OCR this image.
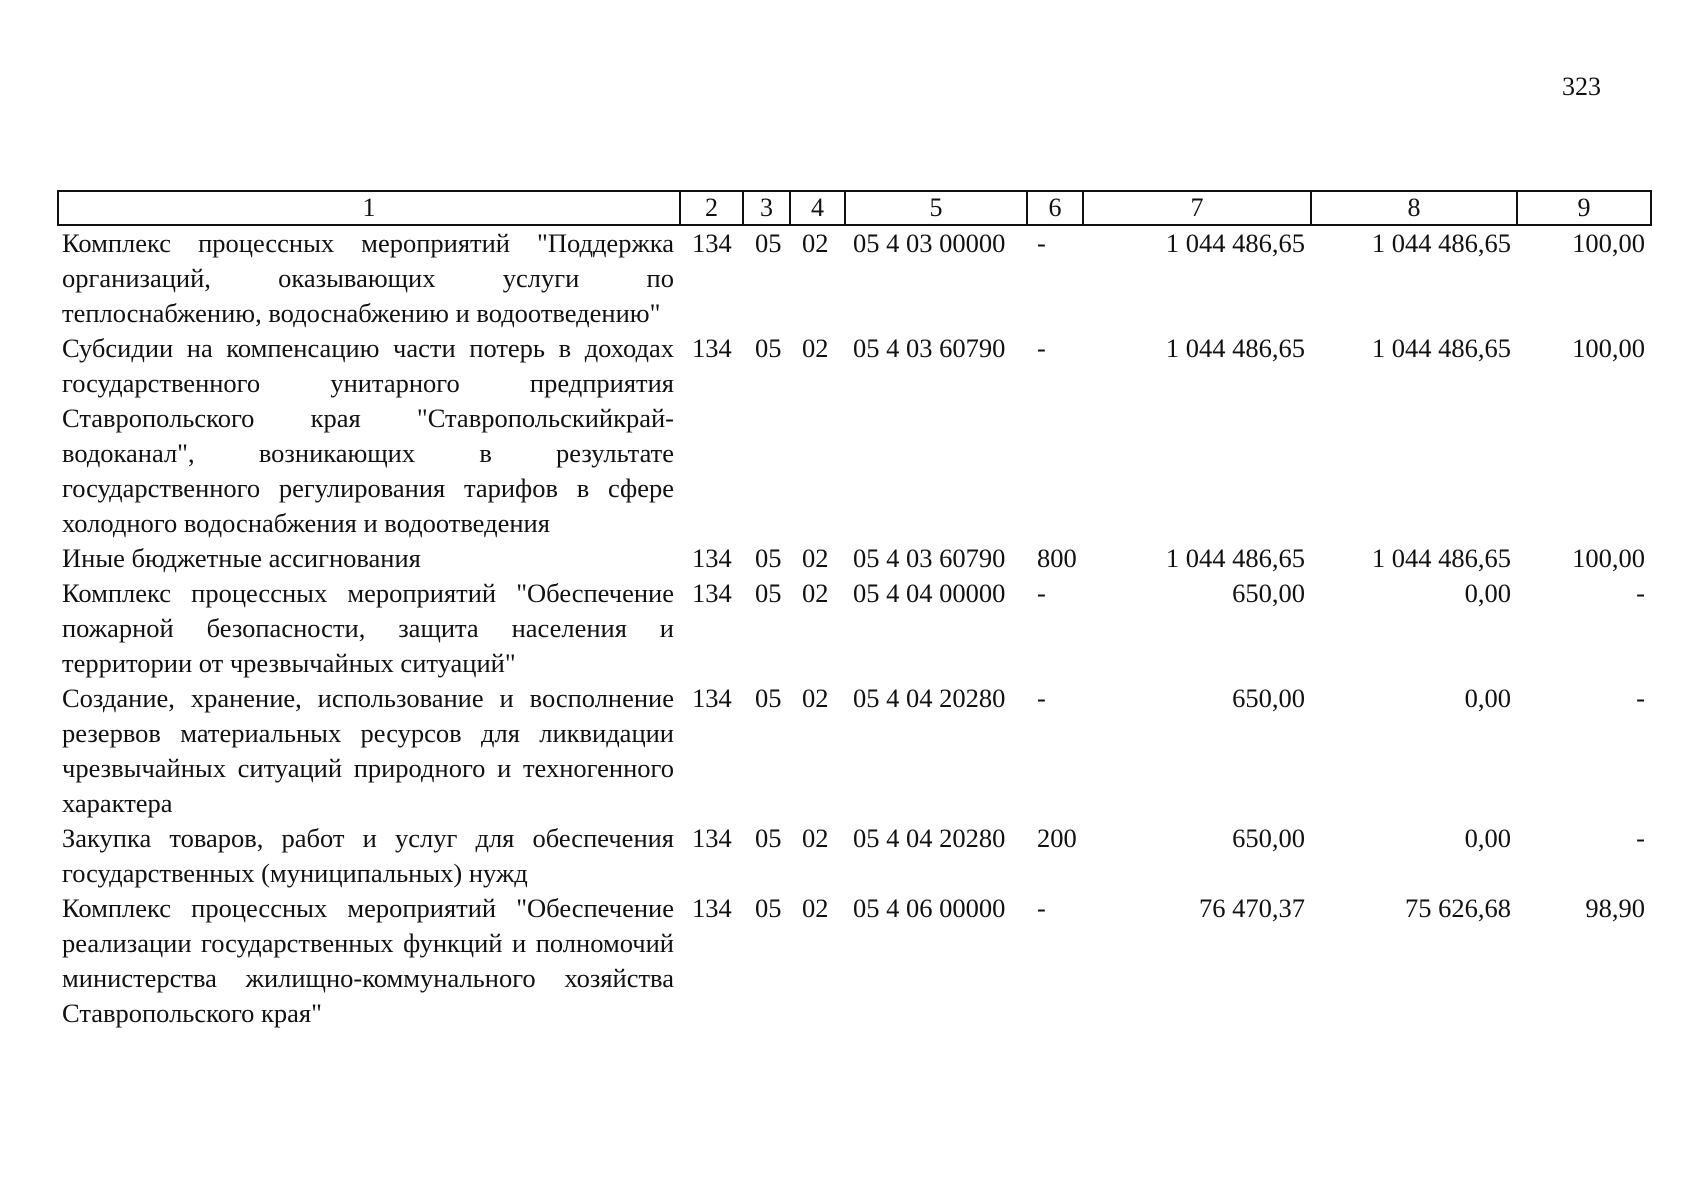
323
1	2	3	4	5	6	7	8	9
Комплекс процессных мероприятий "Поддержка организаций, оказывающих услуги по теплоснабжению, водоснабжению и водоотведению"	134	05	02	05 4 03 00000	-	1 044 486,65	1 044 486,65	100,00
Субсидии на компенсацию части потерь в доходах государственного унитарного предприятия Ставропольского края "Ставропольскийкрайводоканал", возникающих в результате государственного регулирования тарифов в сфере холодного водоснабжения и водоотведения	134	05	02	05 4 03 60790	-	1 044 486,65	1 044 486,65	100,00
Иные бюджетные ассигнования	134	05	02	05 4 03 60790	800	1 044 486,65	1 044 486,65	100,00
Комплекс процессных мероприятий "Обеспечение пожарной безопасности, защита населения и территории от чрезвычайных ситуаций"	134	05	02	05 4 04 00000	-	650,00	0,00	-
Создание, хранение, использование и восполнение резервов материальных ресурсов для ликвидации чрезвычайных ситуаций природного и техногенного характера	134	05	02	05 4 04 20280	-	650,00	0,00	-
Закупка товаров, работ и услуг для обеспечения государственных (муниципальных) нужд	134	05	02	05 4 04 20280	200	650,00	0,00	-
Комплекс процессных мероприятий "Обеспечение реализации государственных функций и полномочий министерства жилищно-коммунального хозяйства Ставропольского края"	134	05	02	05 4 06 00000	-	76 470,37	75 626,68	98,90
